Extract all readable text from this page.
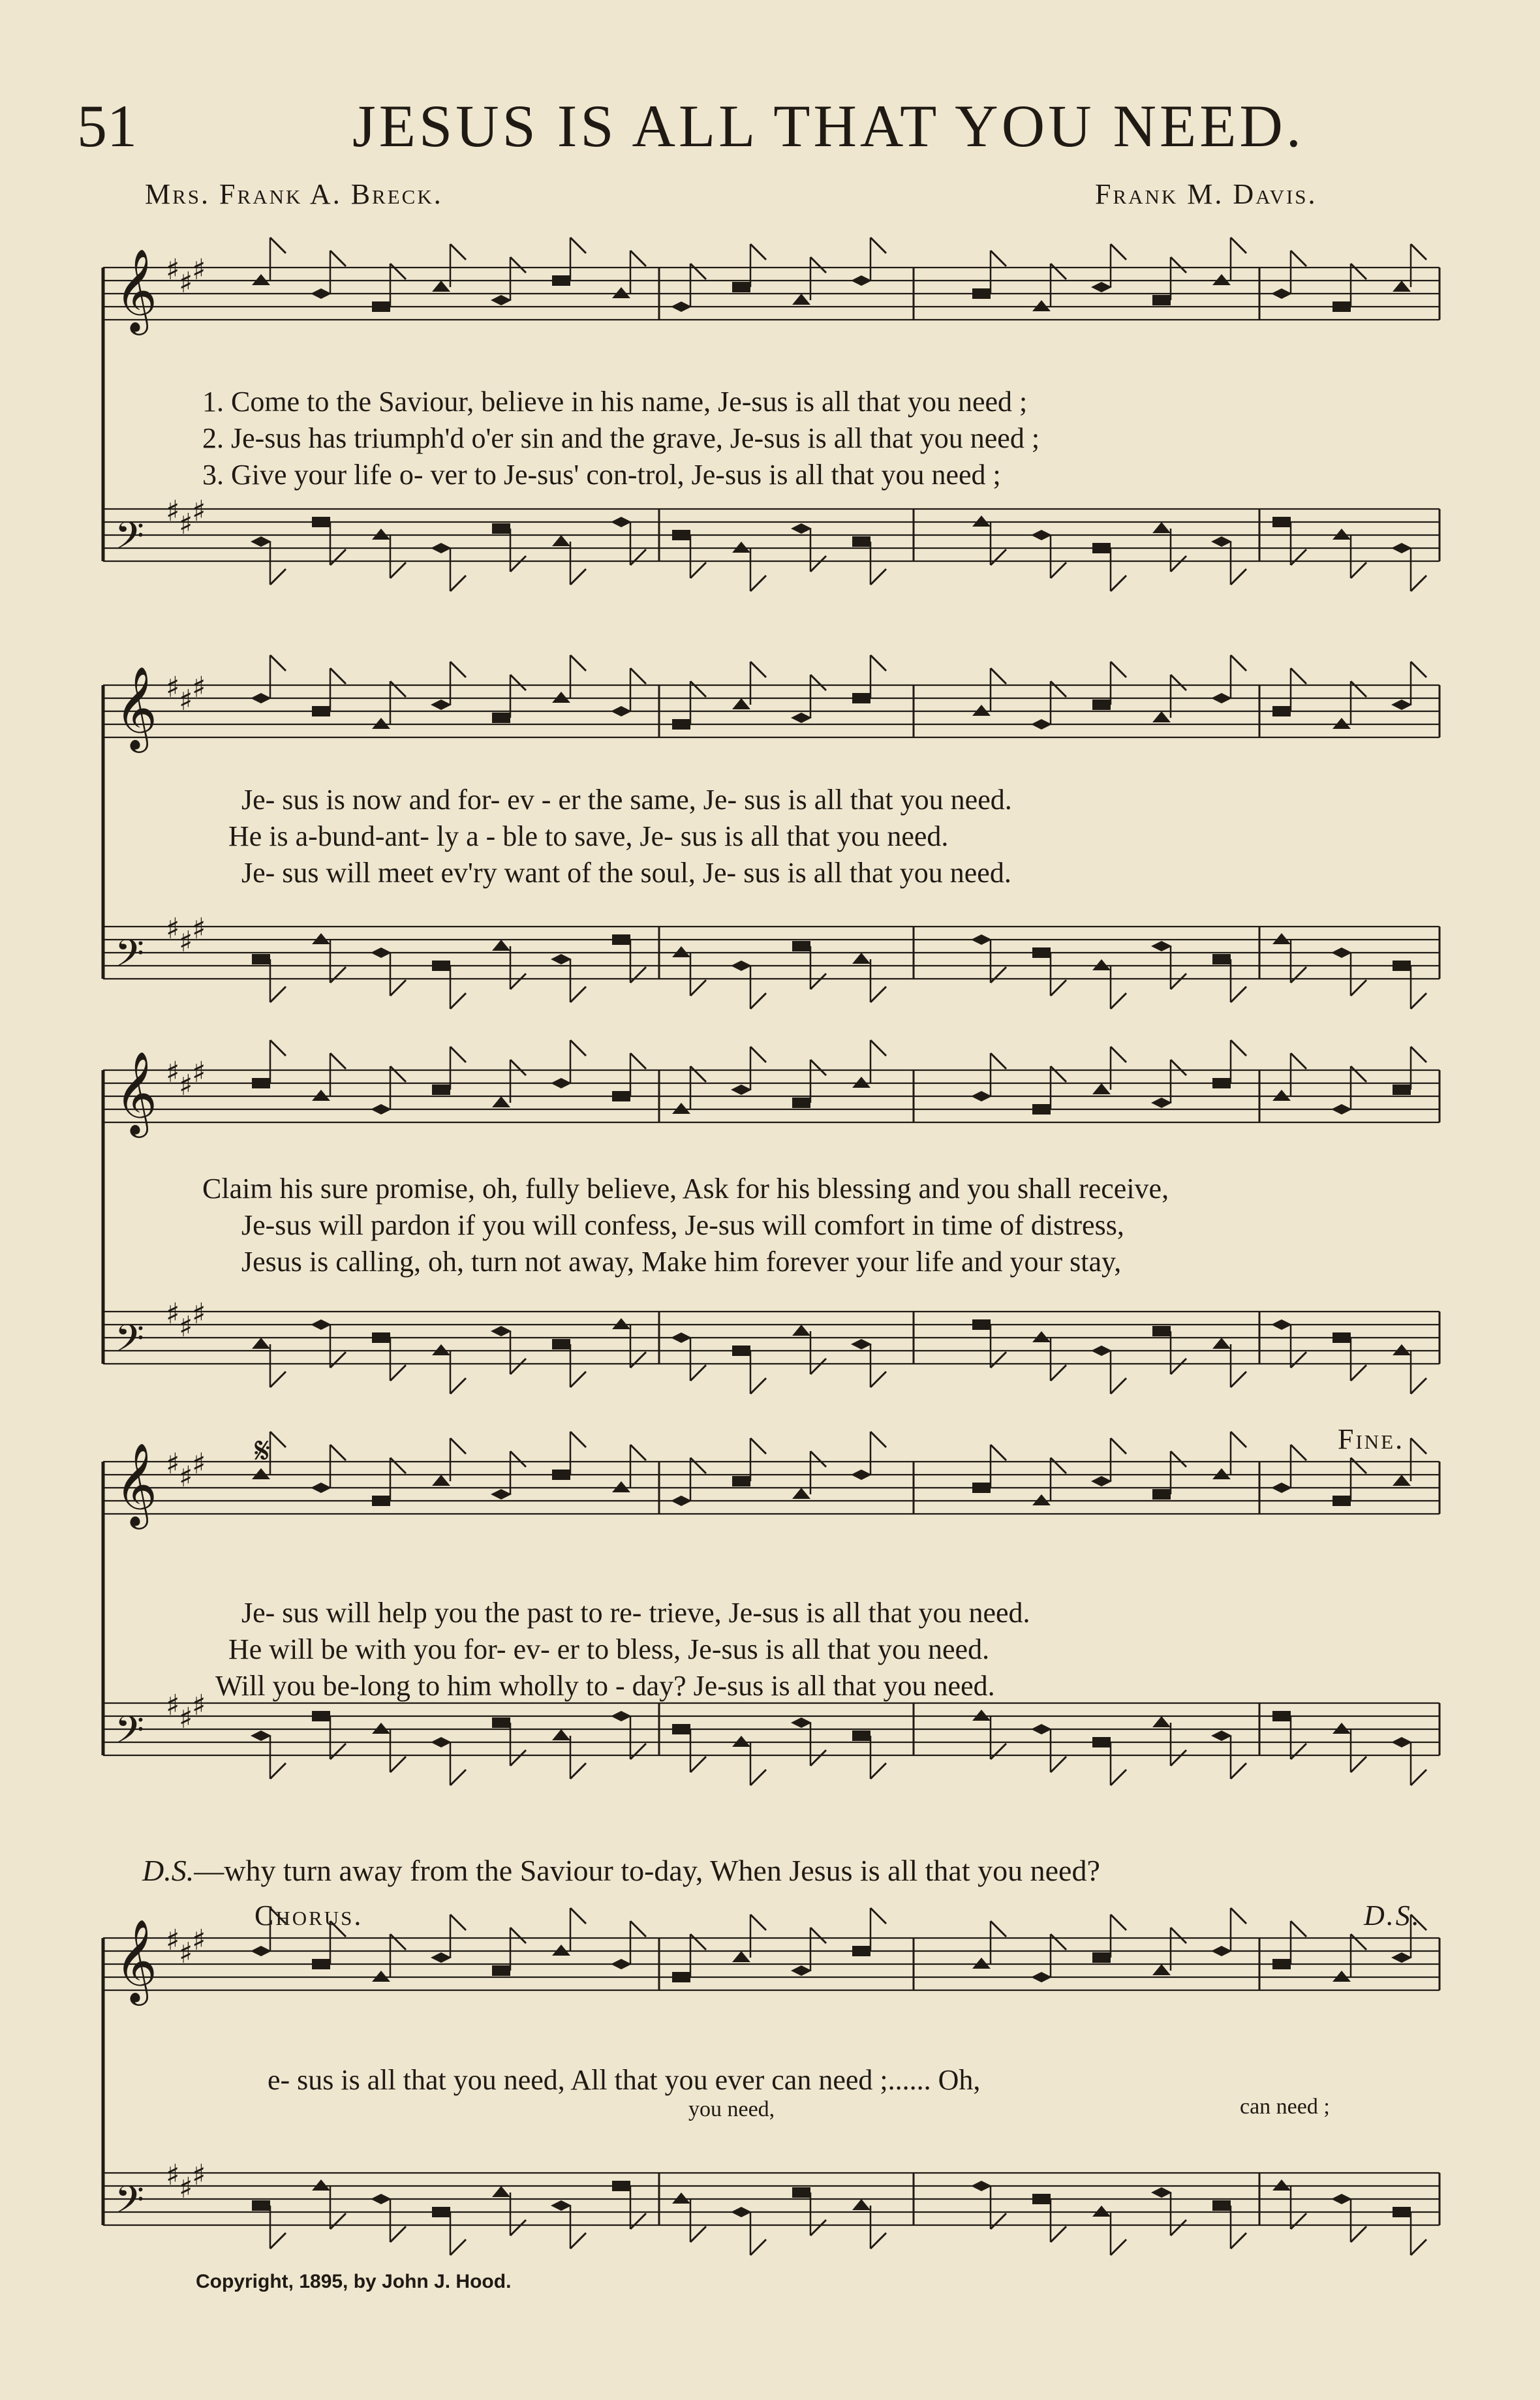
51	JESUS IS ALL THAT YOU NEED.
Mrs. Frank A. Breck.	Frank M. Davis.
𝄞 ♯
♯
♯
𝄢
♯
♯
♯
1. Come to the Saviour, believe in his name, Je-sus is all that you need ;
2. Je-sus has triumph'd o'er sin and the grave, Je-sus is all that you need ;
3. Give your life o- ver to Je-sus' con-trol, Je-sus is all that you need ;
𝄞 ♯
♯
♯
𝄢
♯
♯
♯
Je- sus is now and for- ev - er the same, Je- sus is all that you need.
He is a-bund-ant- ly a - ble to save, Je- sus is all that you need.
Je- sus will meet ev'ry want of the soul, Je- sus is all that you need.
𝄞 ♯
♯
♯
𝄢
♯
♯
♯
Claim his sure promise, oh, fully believe, Ask for his blessing and you shall receive,
Je-sus will pardon if you will confess, Je-sus will comfort in time of distress,
Jesus is calling, oh, turn not away, Make him forever your life and your stay,
𝄞 ♯
♯
♯
𝄢
♯
♯
♯
𝄋	Fine.
Je- sus will help you the past to re- trieve, Je-sus is all that you need.
He will be with you for- ev- er to bless, Je-sus is all that you need.
Will you be-long to him wholly to - day? Je-sus is all that you need.
D.S.—why turn away from the Saviour to-day, When Jesus is all that you need?
𝄞 ♯
♯
♯
𝄢
♯
♯
♯
Chorus.	D.S.
e- sus is all that you need, All that you ever can need ;...... Oh,
you need,	can need ;
Copyright, 1895, by John J. Hood.
